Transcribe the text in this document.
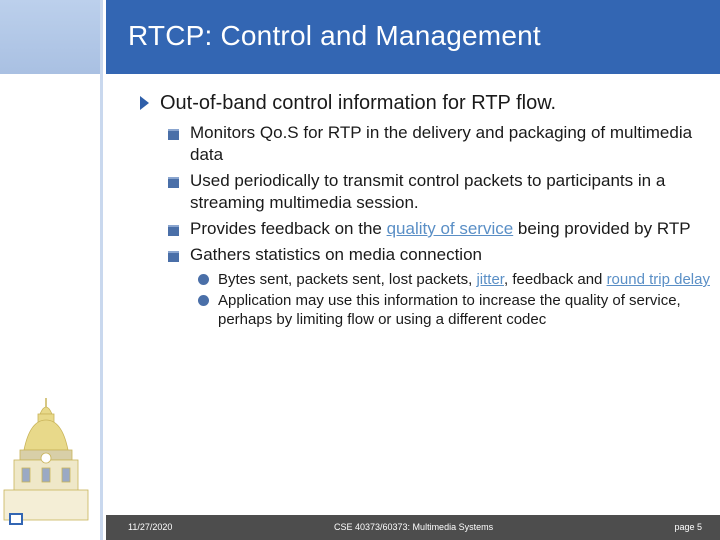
RTCP: Control and Management
Out-of-band control information for RTP flow.
Monitors Qo.S for RTP in the delivery and packaging of multimedia data
Used periodically to transmit control packets to participants in a streaming multimedia session.
Provides feedback on the quality of service being provided by RTP
Gathers statistics on media connection
Bytes sent, packets sent, lost packets, jitter, feedback and round trip delay
Application may use this information to increase the quality of service, perhaps by limiting flow or using a different codec
11/27/2020	CSE 40373/60373: Multimedia Systems	page 5
